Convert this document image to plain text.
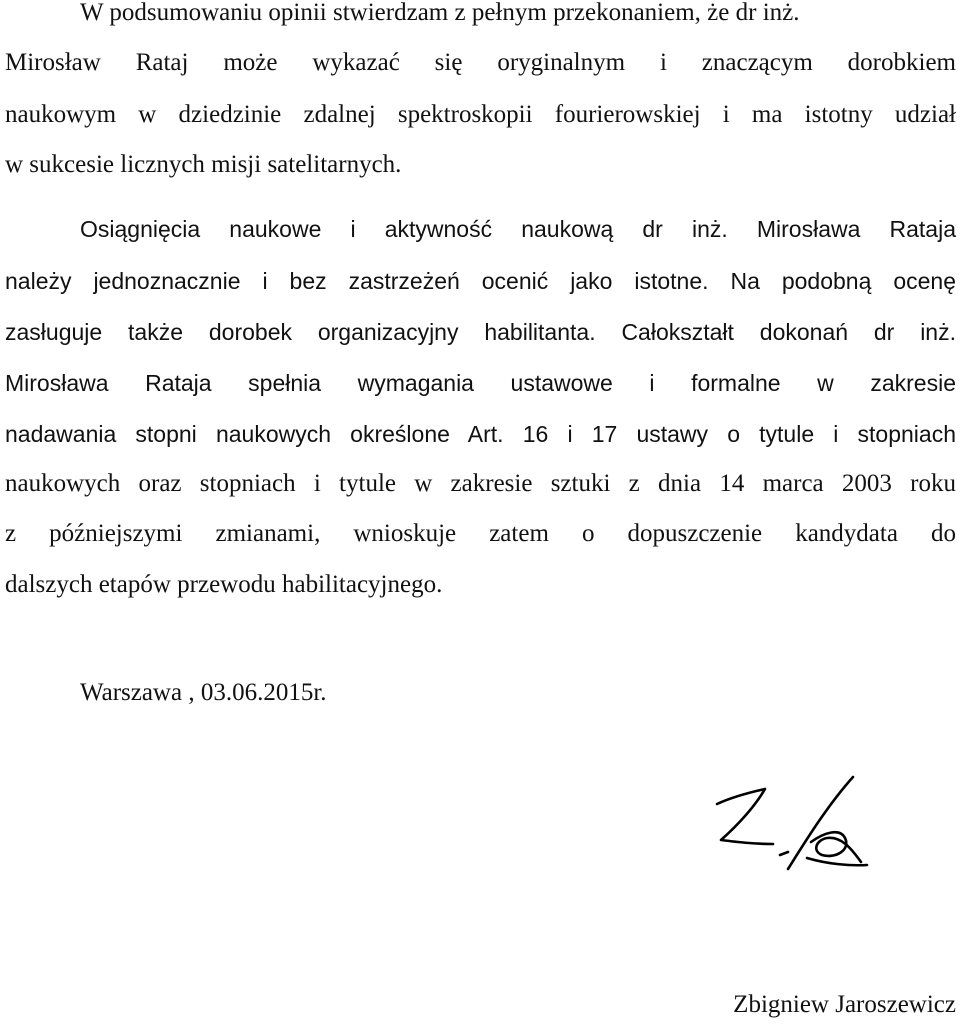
W podsumowaniu opinii stwierdzam z pełnym przekonaniem, że dr inż.
Mirosław Rataj może wykazać się oryginalnym i znaczącym dorobkiem
naukowym w dziedzinie zdalnej spektroskopii fourierowskiej i ma istotny udział
w sukcesie licznych misji satelitarnych.
Osiągnięcia naukowe i aktywność naukową dr inż. Mirosława Rataja
należy jednoznacznie i bez zastrzeżeń ocenić jako istotne. Na podobną ocenę
zasługuje także dorobek organizacyjny habilitanta. Całokształt dokonań dr inż.
Mirosława Rataja spełnia wymagania ustawowe i formalne w zakresie
nadawania stopni naukowych określone Art. 16 i 17 ustawy o tytule i stopniach
naukowych oraz stopniach i tytule w zakresie sztuki z dnia 14 marca 2003 roku
z późniejszymi zmianami, wnioskuje zatem o dopuszczenie kandydata do
dalszych etapów przewodu habilitacyjnego.
Warszawa , 03.06.2015r.
Zbigniew Jaroszewicz
